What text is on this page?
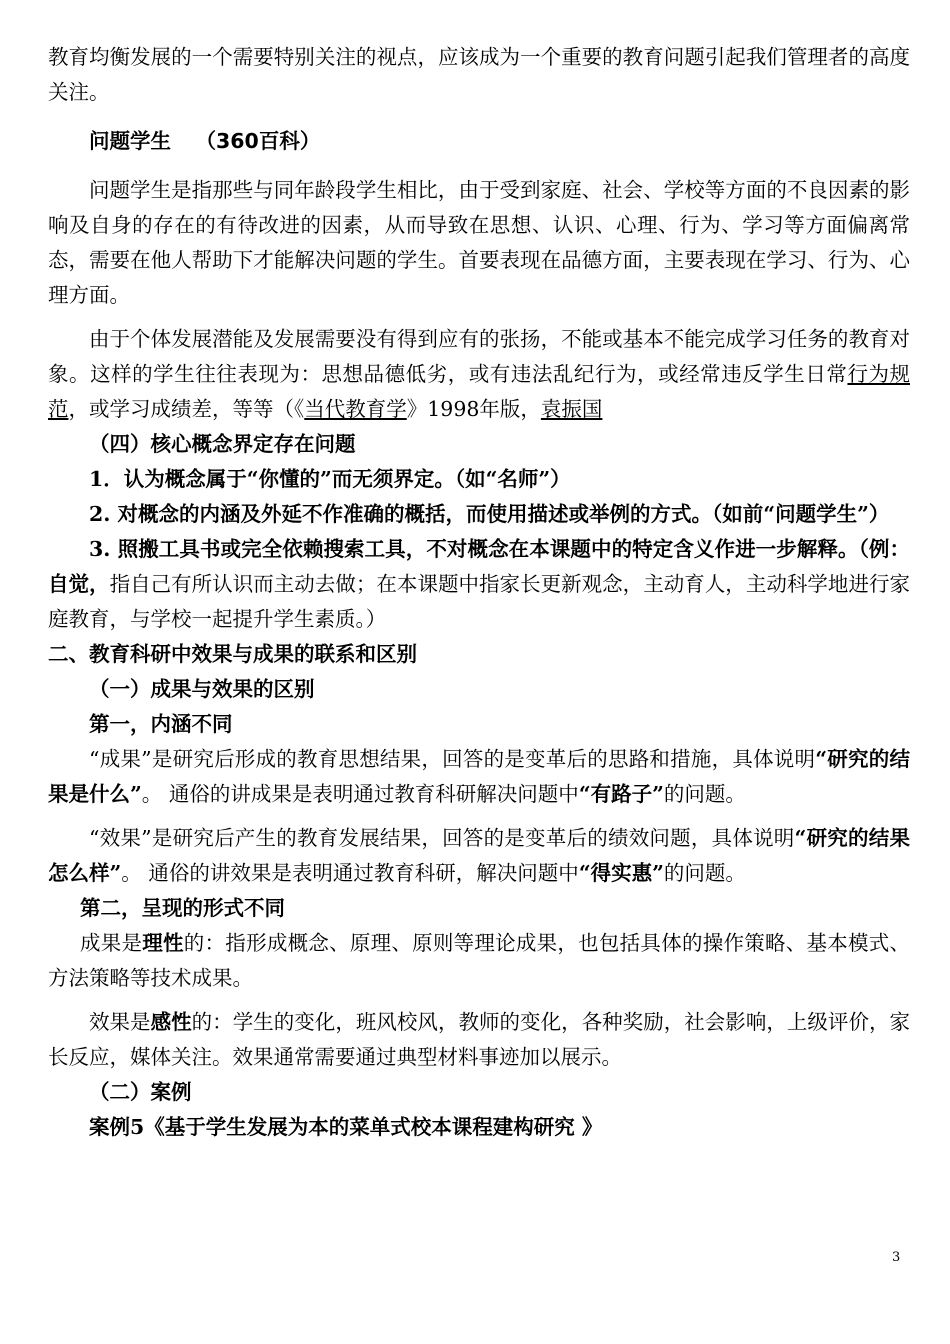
教育均衡发展的一个需要特别关注的视点，应该成为一个重要的教育问题引起我们管理者的高度关注。

问题学生 （360百科）

问题学生是指那些与同年龄段学生相比，由于受到家庭、社会、学校等方面的不良因素的影响及自身的存在的有待改进的因素，从而导致在思想、认识、心理、行为、学习等方面偏离常态，需要在他人帮助下才能解决问题的学生。首要表现在品德方面，主要表现在学习、行为、心理方面。

由于个体发展潜能及发展需要没有得到应有的张扬，不能或基本不能完成学习任务的教育对象。这样的学生往往表现为：思想品德低劣，或有违法乱纪行为，或经常违反学生日常行为规范，或学习成绩差，等等（《当代教育学》1998年版，袁振国

（四）核心概念界定存在问题

1．认为概念属于“你懂的”而无须界定。（如“名师”）

2. 对概念的内涵及外延不作准确的概括，而使用描述或举例的方式。（如前“问题学生”）

3. 照搬工具书或完全依赖搜索工具，不对概念在本课题中的特定含义作进一步解释。（例：自觉，指自己有所认识而主动去做；在本课题中指家长更新观念，主动育人，主动科学地进行家庭教育，与学校一起提升学生素质。）

二、教育科研中效果与成果的联系和区别

（一）成果与效果的区别

第一，内涵不同

“成果”是研究后形成的教育思想结果，回答的是变革后的思路和措施，具体说明“研究的结果是什么”。 通俗的讲成果是表明通过教育科研解决问题中“有路子”的问题。

“效果”是研究后产生的教育发展结果，回答的是变革后的绩效问题，具体说明“研究的结果怎么样”。 通俗的讲效果是表明通过教育科研，解决问题中“得实惠”的问题。

第二，呈现的形式不同

成果是理性的：指形成概念、原理、原则等理论成果，也包括具体的操作策略、基本模式、方法策略等技术成果。

效果是感性的：学生的变化，班风校风，教师的变化，各种奖励，社会影响，上级评价，家长反应，媒体关注。效果通常需要通过典型材料事迹加以展示。

（二）案例

案例5《基于学生发展为本的菜单式校本课程建构研究 》

3
